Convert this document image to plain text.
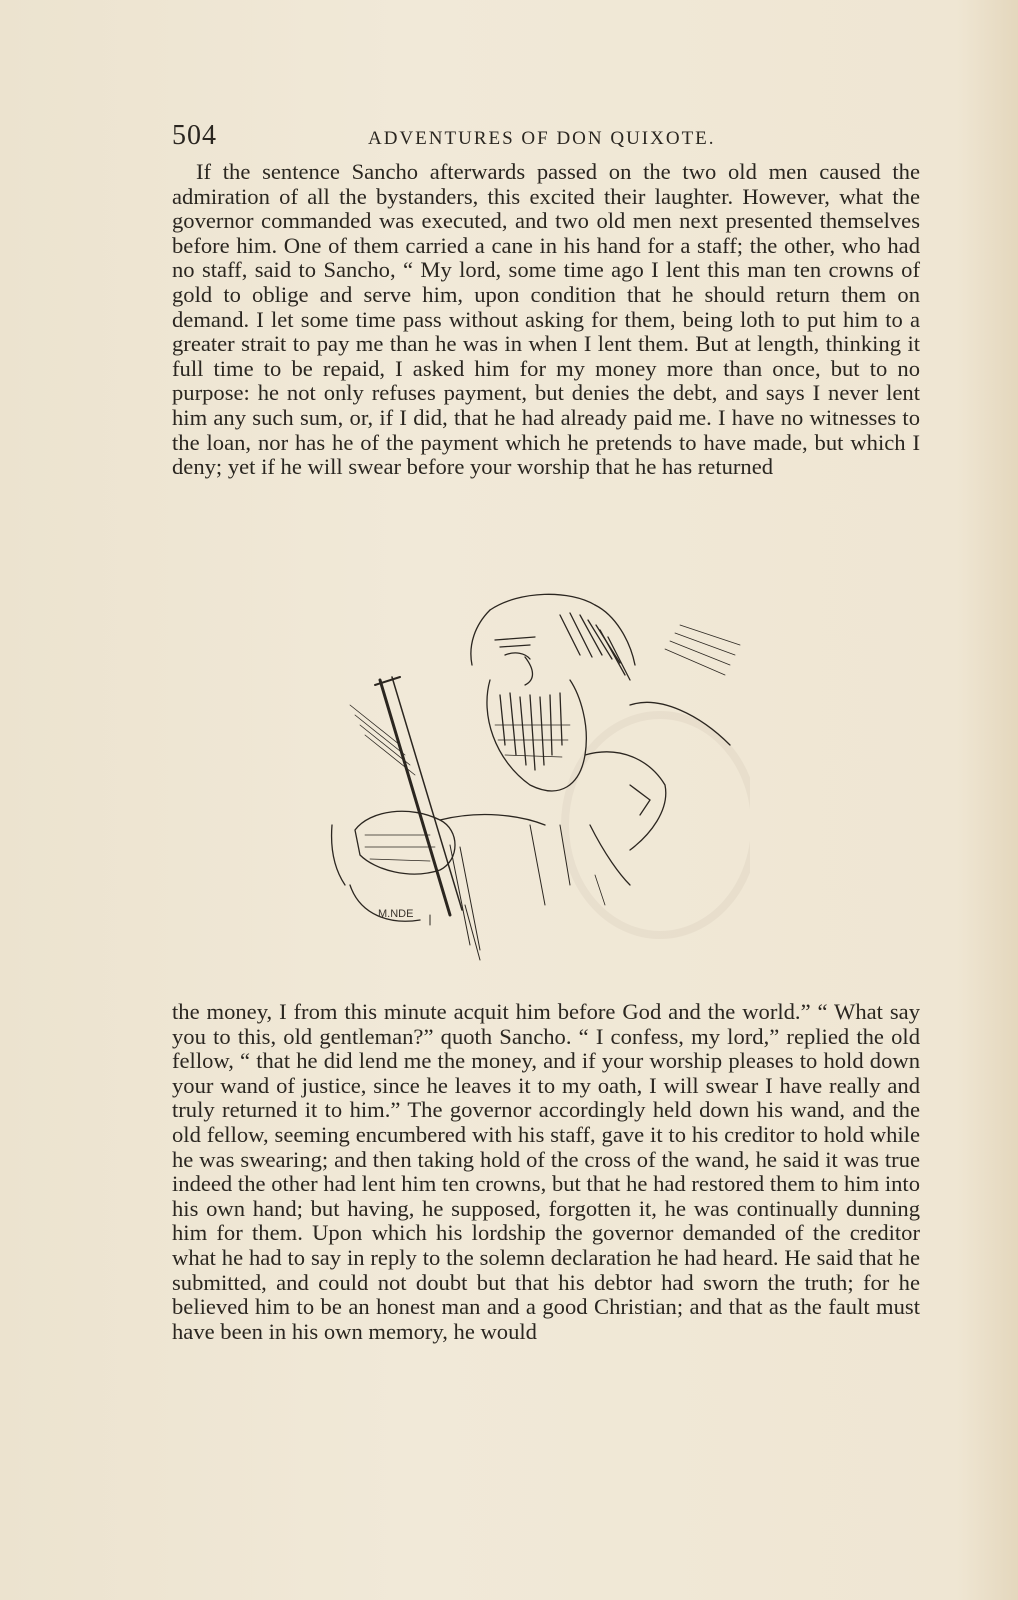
504	ADVENTURES OF DON QUIXOTE.

If the sentence Sancho afterwards passed on the two old men caused the admiration of all the bystanders, this excited their laughter. However, what the governor commanded was executed, and two old men next presented themselves before him. One of them carried a cane in his hand for a staff; the other, who had no staff, said to Sancho, “ My lord, some time ago I lent this man ten crowns of gold to oblige and serve him, upon condition that he should return them on demand. I let some time pass without asking for them, being loth to put him to a greater strait to pay me than he was in when I lent them. But at length, thinking it full time to be repaid, I asked him for my money more than once, but to no purpose: he not only refuses payment, but denies the debt, and says I never lent him any such sum, or, if I did, that he had already paid me. I have no witnesses to the loan, nor has he of the payment which he pretends to have made, but which I deny; yet if he will swear before your worship that he has returned

M.NDE

the money, I from this minute acquit him before God and the world.” “ What say you to this, old gentleman?” quoth Sancho. “ I confess, my lord,” replied the old fellow, “ that he did lend me the money, and if your worship pleases to hold down your wand of justice, since he leaves it to my oath, I will swear I have really and truly returned it to him.” The governor accordingly held down his wand, and the old fellow, seeming encumbered with his staff, gave it to his creditor to hold while he was swearing; and then taking hold of the cross of the wand, he said it was true indeed the other had lent him ten crowns, but that he had restored them to him into his own hand; but having, he supposed, forgotten it, he was continually dunning him for them. Upon which his lordship the governor demanded of the creditor what he had to say in reply to the solemn declaration he had heard. He said that he submitted, and could not doubt but that his debtor had sworn the truth; for he believed him to be an honest man and a good Christian; and that as the fault must have been in his own memory, he would
